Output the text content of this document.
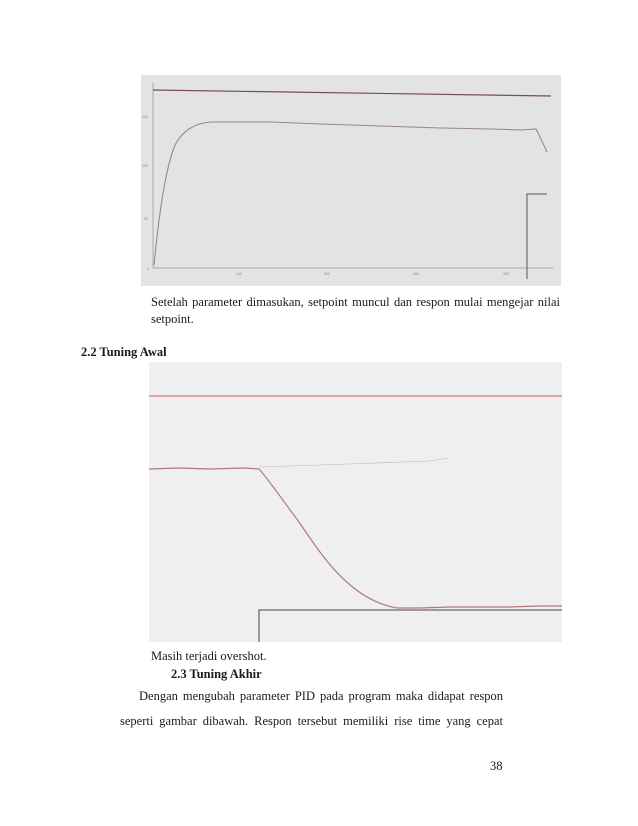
150
100
50
0
100	200	300	400
Setelah parameter dimasukan, setpoint muncul dan respon mulai mengejar nilai
setpoint.
2.2 Tuning Awal
Masih terjadi overshot.
2.3 Tuning Akhir
Dengan mengubah parameter PID pada program maka didapat respon
seperti gambar dibawah. Respon tersebut memiliki rise time yang cepat
38
